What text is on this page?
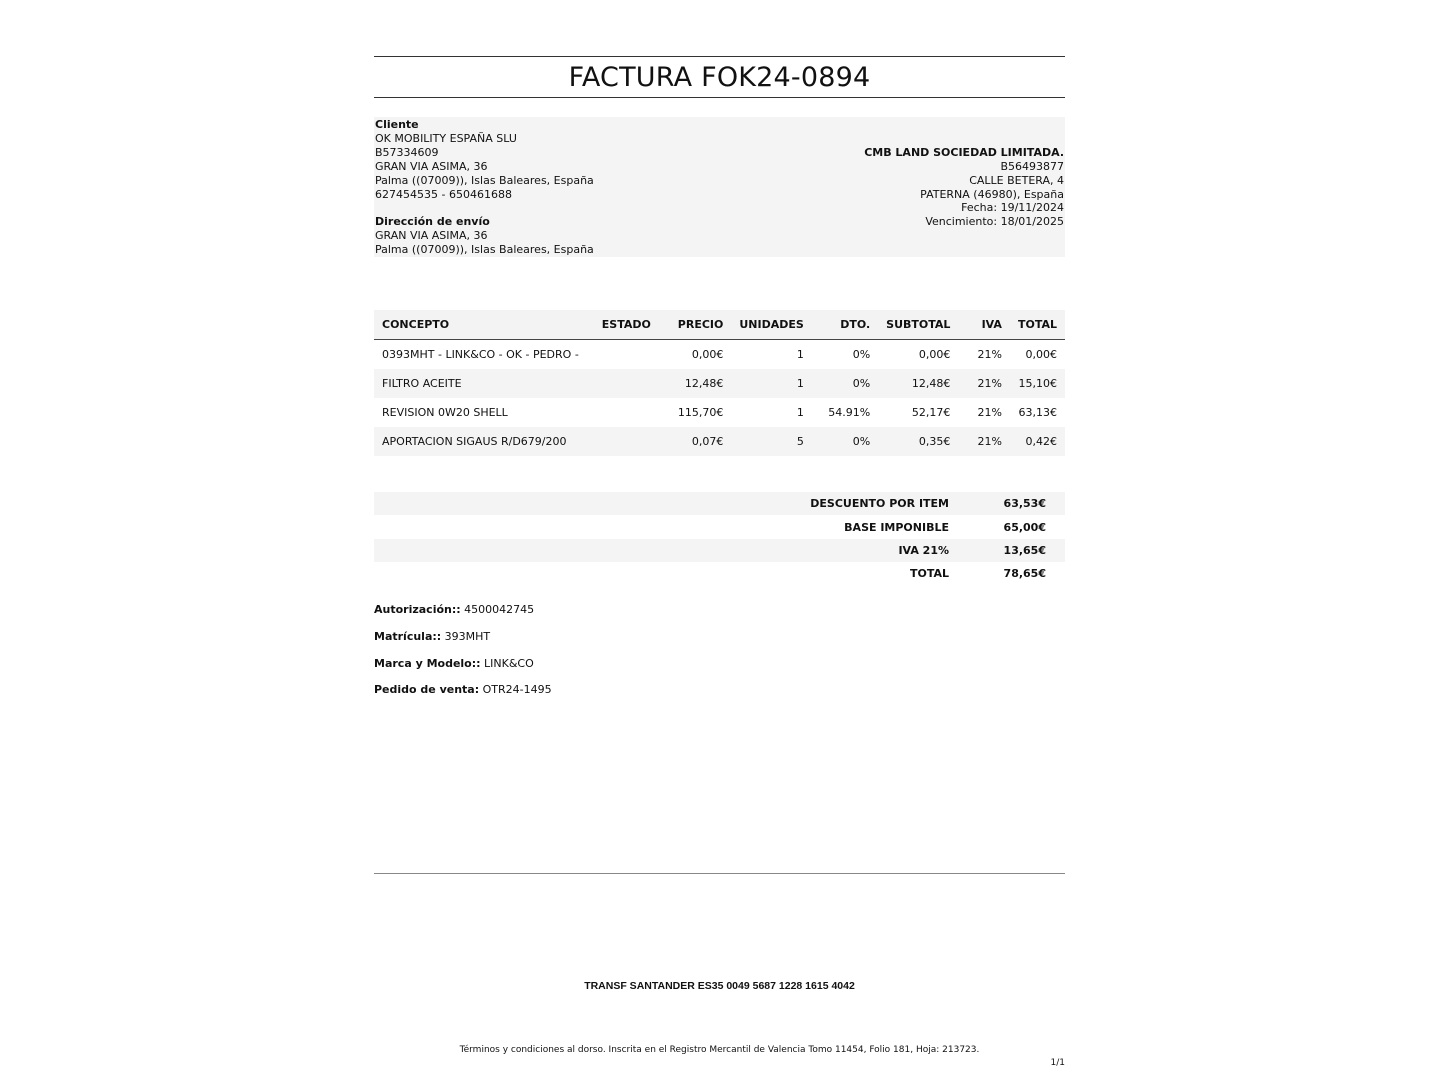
FACTURA FOK24-0894
Cliente
OK MOBILITY ESPAÑA SLU
B57334609
GRAN VIA ASIMA, 36
Palma ((07009)), Islas Baleares, España
627454535 - 650461688
Dirección de envío
GRAN VIA ASIMA, 36
Palma ((07009)), Islas Baleares, España
CMB LAND SOCIEDAD LIMITADA.
B56493877
CALLE BETERA, 4
PATERNA (46980), España
Fecha: 19/11/2024
Vencimiento: 18/01/2025
CONCEPTO	ESTADO	PRECIO	UNIDADES	DTO.	SUBTOTAL	IVA	TOTAL
0393MHT - LINK&CO - OK - PEDRO -		0,00€	1	0%	0,00€	21%	0,00€
FILTRO ACEITE		12,48€	1	0%	12,48€	21%	15,10€
REVISION 0W20 SHELL		115,70€	1	54.91%	52,17€	21%	63,13€
APORTACION SIGAUS R/D679/200		0,07€	5	0%	0,35€	21%	0,42€
DESCUENTO POR ITEM	63,53€
BASE IMPONIBLE	65,00€
IVA 21%	13,65€
TOTAL	78,65€
Autorización:: 4500042745
Matrícula:: 393MHT
Marca y Modelo:: LINK&CO
Pedido de venta: OTR24-1495
TRANSF SANTANDER ES35 0049 5687 1228 1615 4042
Términos y condiciones al dorso. Inscrita en el Registro Mercantil de Valencia Tomo 11454, Folio 181, Hoja: 213723.
1/1
